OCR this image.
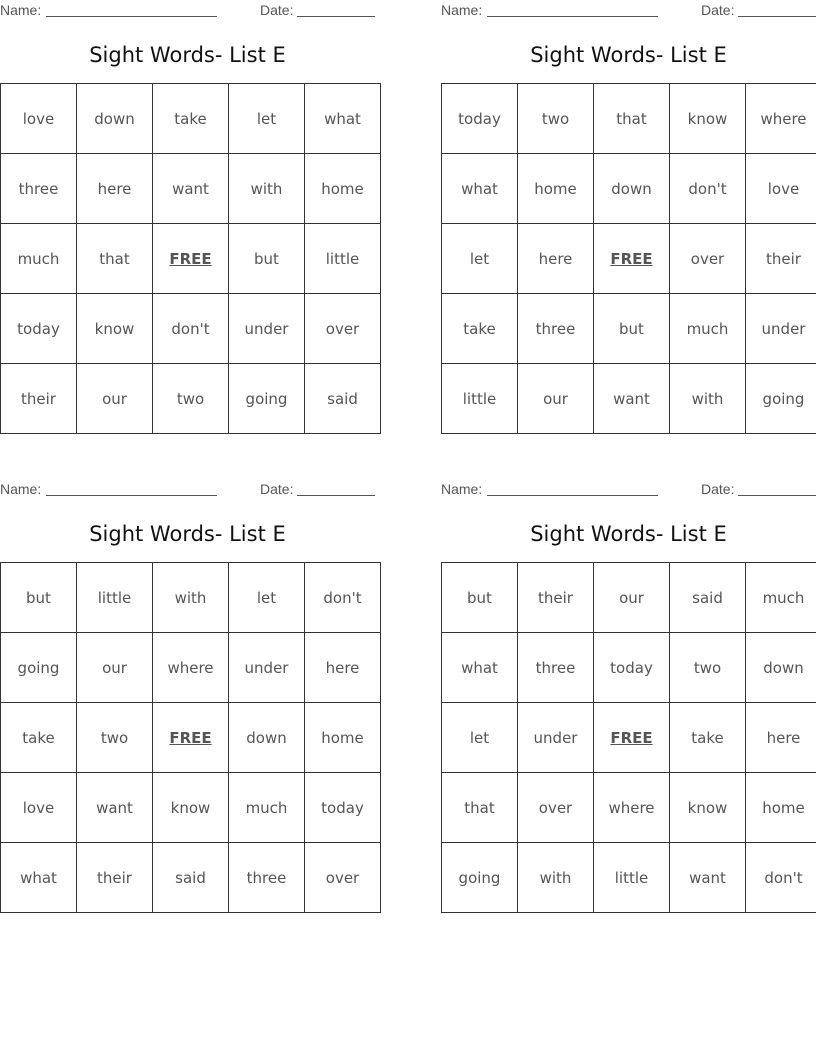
Name:	Date:
Sight Words- List E
love	down	take	let	what
three	here	want	with	home
much	that	FREE	but	little
today	know	don't	under	over
their	our	two	going	said
Name:	Date:
Sight Words- List E
today	two	that	know	where
what	home	down	don't	love
let	here	FREE	over	their
take	three	but	much	under
little	our	want	with	going
Name:	Date:
Sight Words- List E
but	little	with	let	don't
going	our	where	under	here
take	two	FREE	down	home
love	want	know	much	today
what	their	said	three	over
Name:	Date:
Sight Words- List E
but	their	our	said	much
what	three	today	two	down
let	under	FREE	take	here
that	over	where	know	home
going	with	little	want	don't
